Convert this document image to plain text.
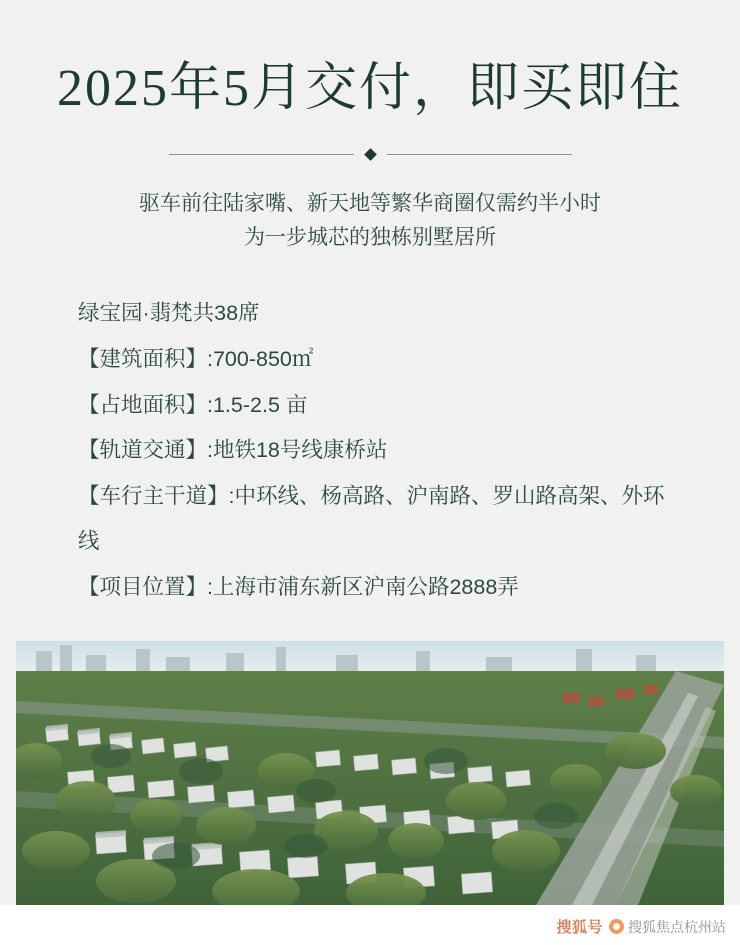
2025年5月交付，即买即住
驱车前往陆家嘴、新天地等繁华商圈仅需约半小时
为一步城芯的独栋别墅居所
绿宝园·翡梵共38席
【建筑面积】:700-850㎡
【占地面积】:1.5-2.5 亩
【轨道交通】:地铁18号线康桥站
【车行主干道】:中环线、杨高路、沪南路、罗山路高架、外环线
【项目位置】:上海市浦东新区沪南公路2888弄
搜狐号 搜狐焦点杭州站
